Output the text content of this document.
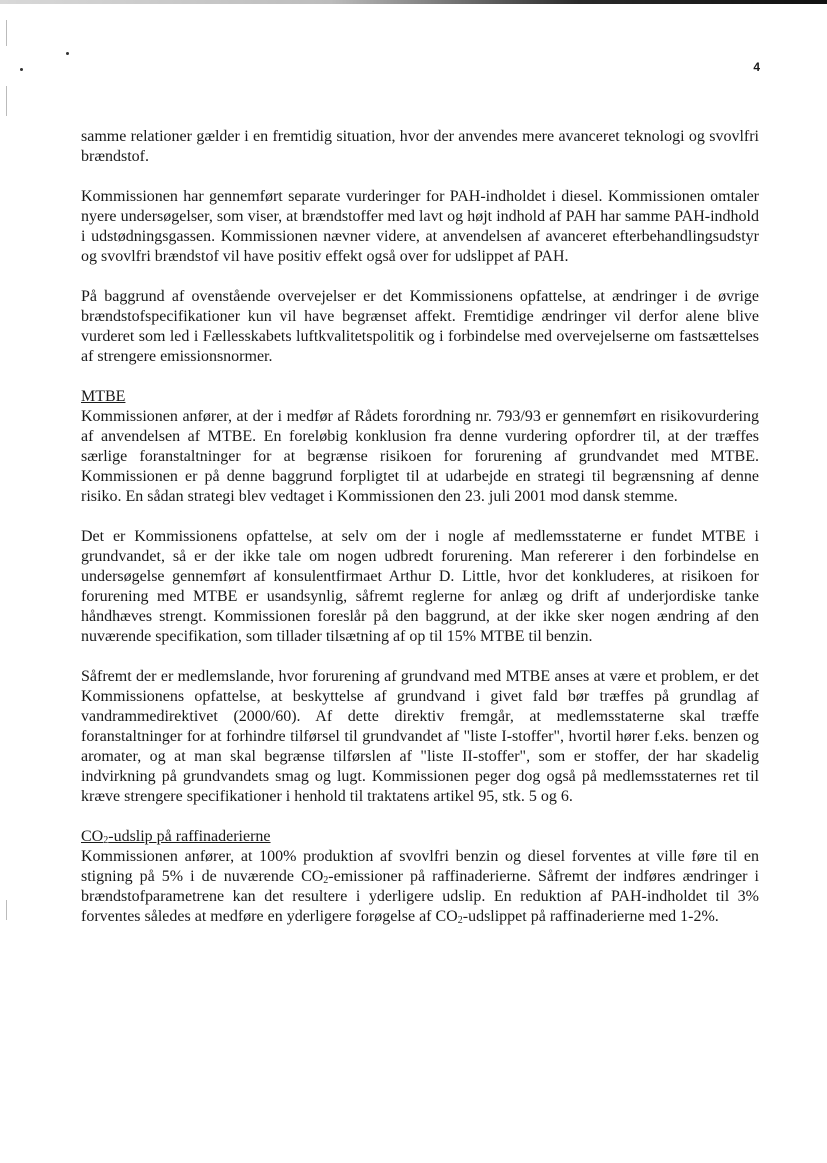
4

samme relationer gælder i en fremtidig situation, hvor der anvendes mere avanceret teknologi og svovlfri brændstof.

Kommissionen har gennemført separate vurderinger for PAH-indholdet i diesel. Kommissionen omtaler nyere undersøgelser, som viser, at brændstoffer med lavt og højt indhold af PAH har samme PAH-indhold i udstødningsgassen. Kommissionen nævner videre, at anvendelsen af avanceret efterbehandlingsudstyr og svovlfri brændstof vil have positiv effekt også over for udslippet af PAH.

På baggrund af ovenstående overvejelser er det Kommissionens opfattelse, at ændringer i de øvrige brændstofspecifikationer kun vil have begrænset affekt. Fremtidige ændringer vil derfor alene blive vurderet som led i Fællesskabets luftkvalitetspolitik og i forbindelse med overvejelserne om fastsættelses af strengere emissionsnormer.

MTBE

Kommissionen anfører, at der i medfør af Rådets forordning nr. 793/93 er gennemført en risikovurdering af anvendelsen af MTBE. En foreløbig konklusion fra denne vurdering opfordrer til, at der træffes særlige foranstaltninger for at begrænse risikoen for forurening af grundvandet med MTBE. Kommissionen er på denne baggrund forpligtet til at udarbejde en strategi til begrænsning af denne risiko. En sådan strategi blev vedtaget i Kommissionen den 23. juli 2001 mod dansk stemme.

Det er Kommissionens opfattelse, at selv om der i nogle af medlemsstaterne er fundet MTBE i grundvandet, så er der ikke tale om nogen udbredt forurening. Man refererer i den forbindelse en undersøgelse gennemført af konsulentfirmaet Arthur D. Little, hvor det konkluderes, at risikoen for forurening med MTBE er usandsynlig, såfremt reglerne for anlæg og drift af underjordiske tanke håndhæves strengt. Kommissionen foreslår på den baggrund, at der ikke sker nogen ændring af den nuværende specifikation, som tillader tilsætning af op til 15% MTBE til benzin.

Såfremt der er medlemslande, hvor forurening af grundvand med MTBE anses at være et problem, er det Kommissionens opfattelse, at beskyttelse af grundvand i givet fald bør træffes på grundlag af vandrammedirektivet (2000/60). Af dette direktiv fremgår, at medlemsstaterne skal træffe foranstaltninger for at forhindre tilførsel til grundvandet af "liste I-stoffer", hvortil hører f.eks. benzen og aromater, og at man skal begrænse tilførslen af "liste II-stoffer", som er stoffer, der har skadelig indvirkning på grundvandets smag og lugt. Kommissionen peger dog også på medlemsstaternes ret til kræve strengere specifikationer i henhold til traktatens artikel 95, stk. 5 og 6.

$CO_2$-udslip på raffinaderierne

Kommissionen anfører, at 100% produktion af svovlfri benzin og diesel forventes at ville føre til en stigning på 5% i de nuværende $CO_2$-emissioner på raffinaderierne. Såfremt der indføres ændringer i brændstofparametrene kan det resultere i yderligere udslip. En reduktion af PAH-indholdet til 3% forventes således at medføre en yderligere forøgelse af $CO_2$-udslippet på raffinaderierne med 1-2%.
